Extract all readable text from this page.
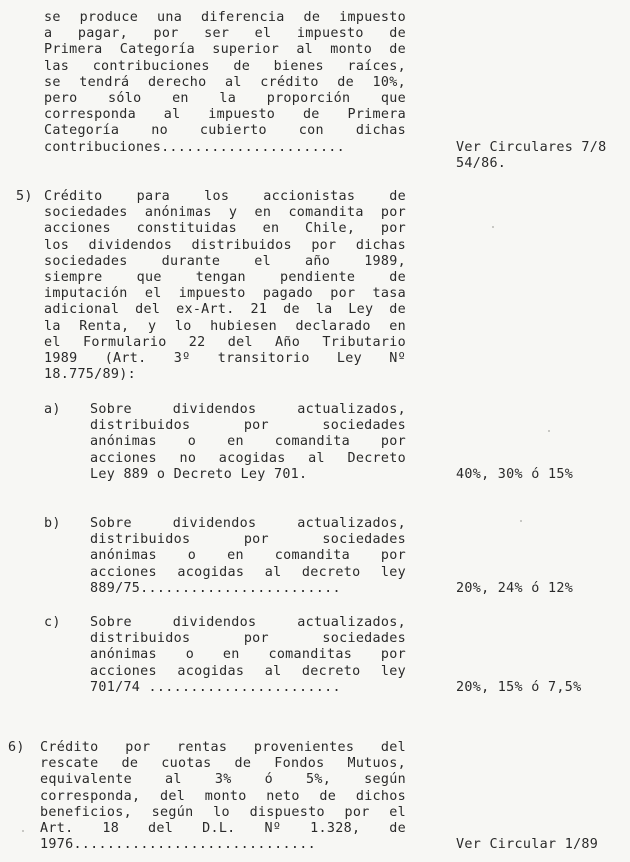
se produce una diferencia de impuesto
a pagar, por ser el impuesto de
Primera Categoría superior al monto de
las contribuciones de bienes raíces,
se tendrá derecho al crédito de 10%,
pero sólo en la proporción que
corresponda al impuesto de Primera
Categoría no cubierto con dichas
contribuciones......................	Ver Circulares 7/8
54/86.
5) Crédito para los accionistas de
sociedades anónimas y en comandita por
acciones constituidas en Chile, por
los dividendos distribuidos por dichas
sociedades durante el año 1989,
siempre que tengan pendiente de
imputación el impuesto pagado por tasa
adicional del ex-Art. 21 de la Ley de
la Renta, y lo hubiesen declarado en
el Formulario 22 del Año Tributario
1989 (Art. 3º transitorio Ley Nº
18.775/89):
a) Sobre dividendos actualizados,
distribuidos por sociedades
anónimas o en comandita por
acciones no acogidas al Decreto
Ley 889 o Decreto Ley 701.	40%, 30% ó 15%
b) Sobre dividendos actualizados,
distribuidos por sociedades
anónimas o en comandita por
acciones acogidas al decreto ley
889/75........................	20%, 24% ó 12%
c) Sobre dividendos actualizados,
distribuidos por sociedades
anónimas o en comanditas por
acciones acogidas al decreto ley
701/74 .......................	20%, 15% ó 7,5%
6) Crédito por rentas provenientes del
rescate de cuotas de Fondos Mutuos,
equivalente al 3% ó 5%, según
corresponda, del monto neto de dichos
beneficios, según lo dispuesto por el
Art. 18 del D.L. Nº 1.328, de
1976.............................	Ver Circular 1/89
